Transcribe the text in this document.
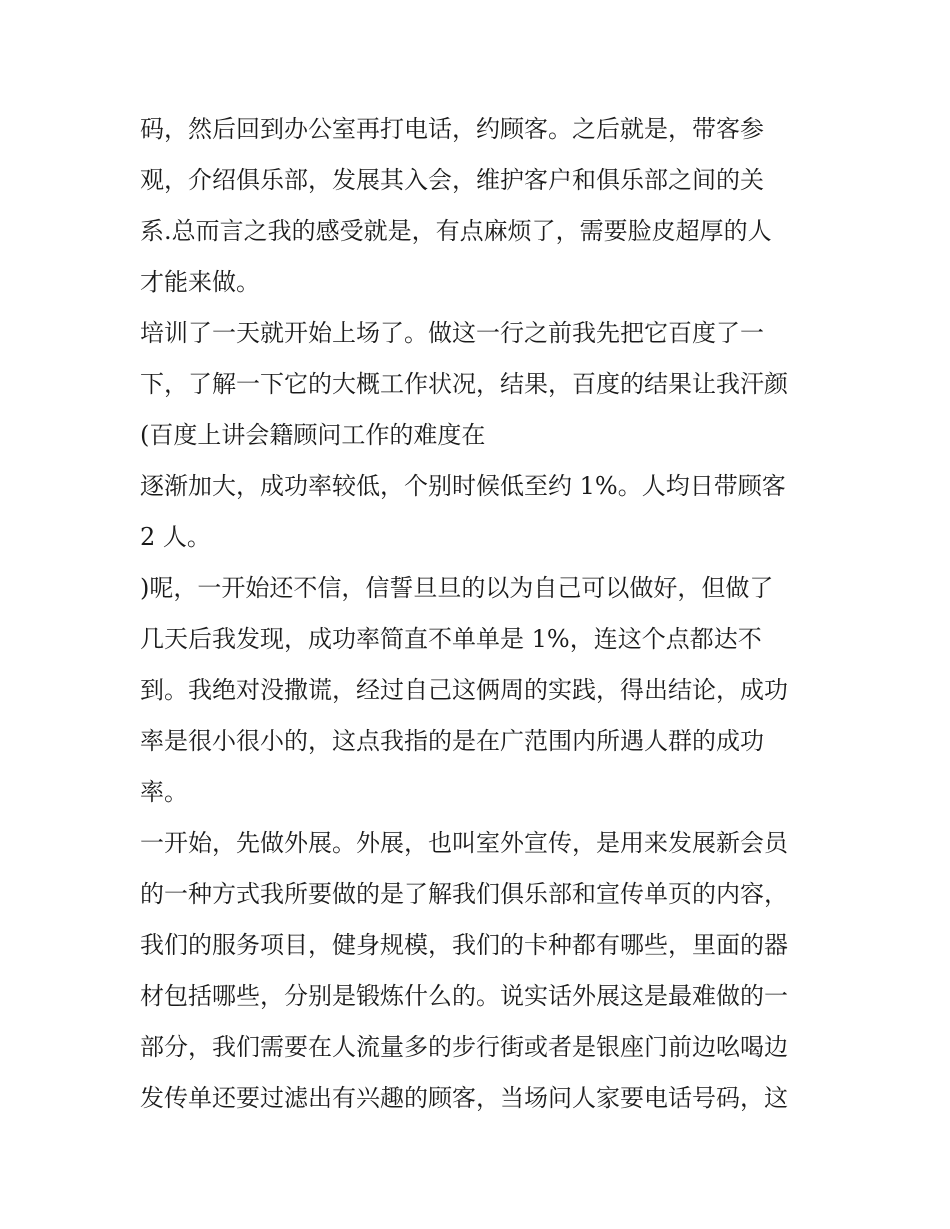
码，然后回到办公室再打电话，约顾客。之后就是，带客参
观，介绍俱乐部，发展其入会，维护客户和俱乐部之间的关
系.总而言之我的感受就是，有点麻烦了，需要脸皮超厚的人
才能来做。
培训了一天就开始上场了。做这一行之前我先把它百度了一
下，了解一下它的大概工作状况，结果，百度的结果让我汗颜
(百度上讲会籍顾问工作的难度在
逐渐加大，成功率较低，个别时候低至约 1%。人均日带顾客
2 人。
)呢，一开始还不信，信誓旦旦的以为自己可以做好，但做了
几天后我发现，成功率简直不单单是 1%，连这个点都达不
到。我绝对没撒谎，经过自己这俩周的实践，得出结论，成功
率是很小很小的，这点我指的是在广范围内所遇人群的成功
率。
一开始，先做外展。外展，也叫室外宣传，是用来发展新会员
的一种方式我所要做的是了解我们俱乐部和宣传单页的内容，
我们的服务项目，健身规模，我们的卡种都有哪些，里面的器
材包括哪些，分别是锻炼什么的。说实话外展这是最难做的一
部分，我们需要在人流量多的步行街或者是银座门前边吆喝边
发传单还要过滤出有兴趣的顾客，当场问人家要电话号码，这
